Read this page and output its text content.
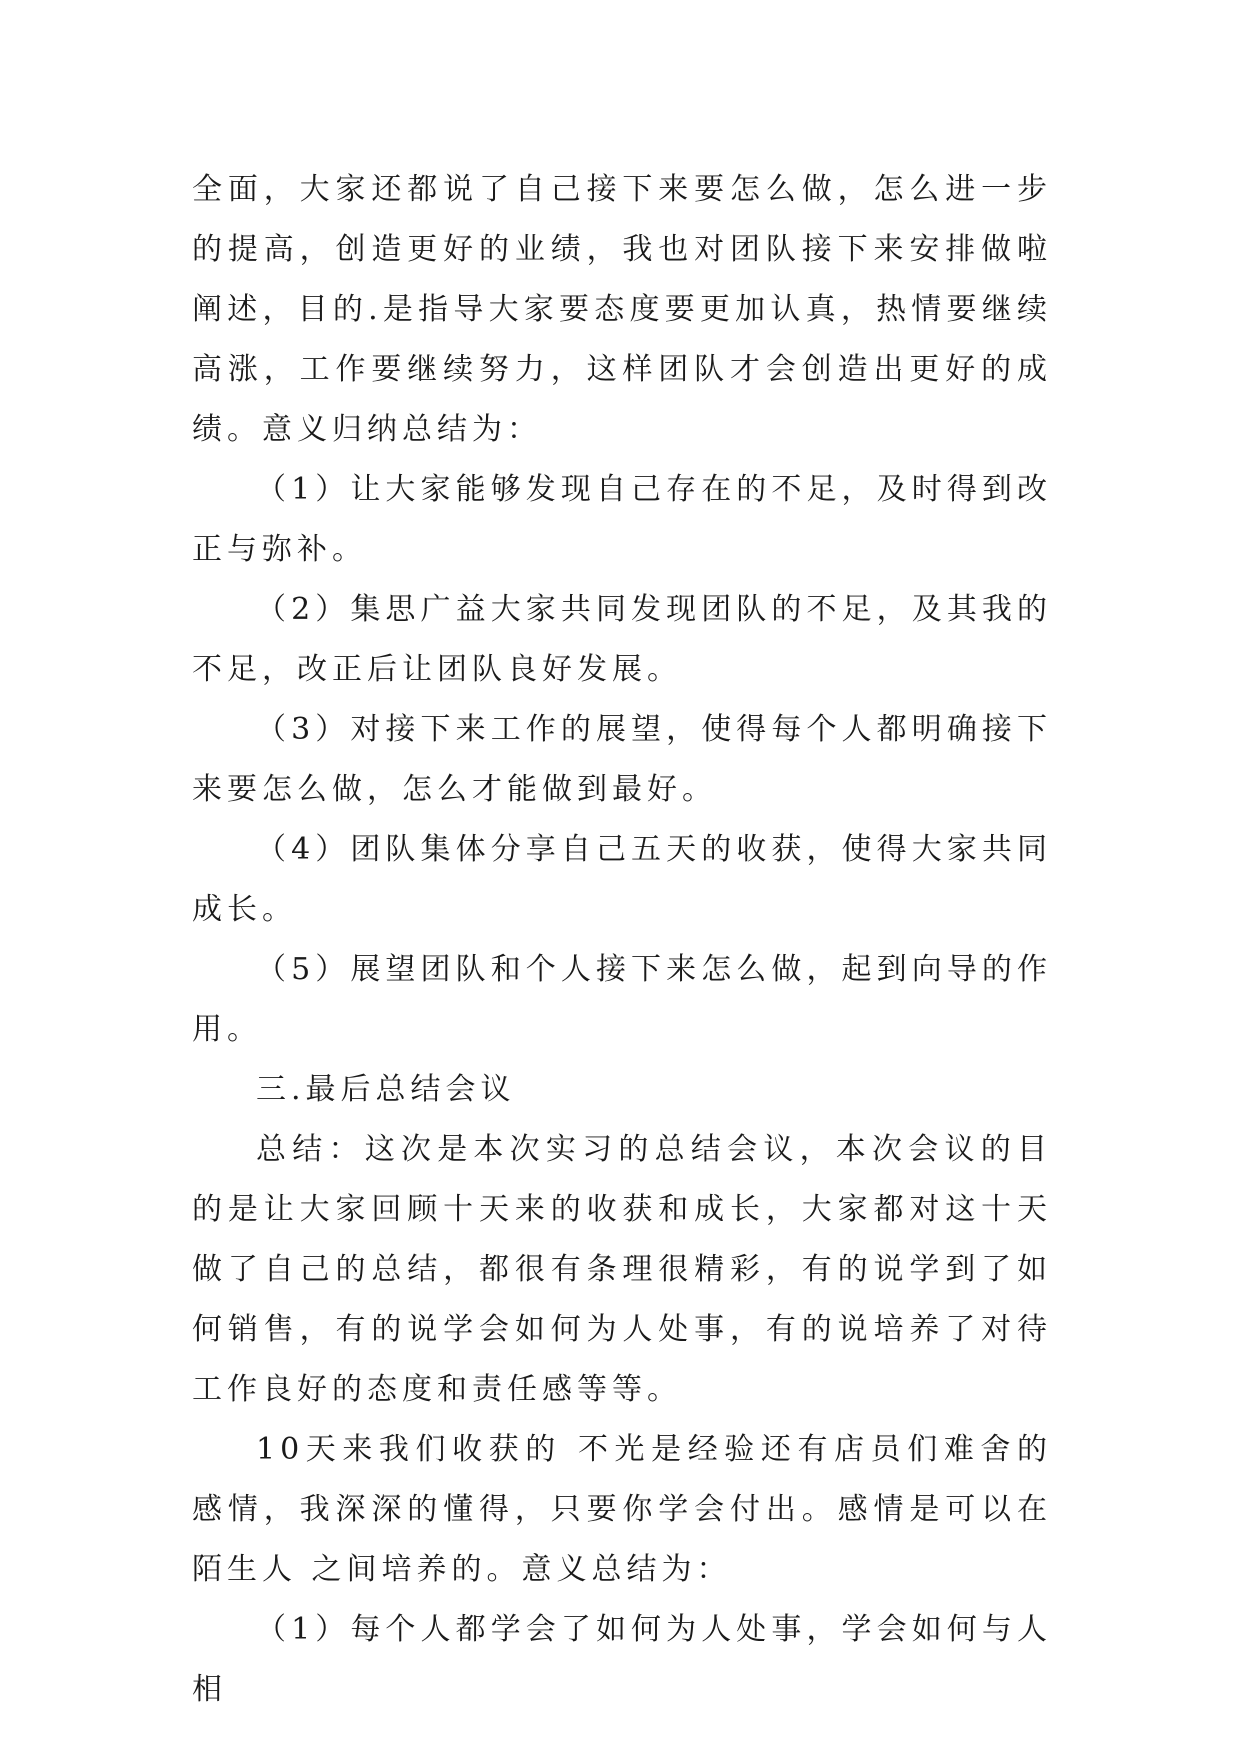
全面，大家还都说了自己接下来要怎么做，怎么进一步的提高，创造更好的业绩，我也对团队接下来安排做啦阐述，目的.是指导大家要态度要更加认真，热情要继续高涨，工作要继续努力，这样团队才会创造出更好的成绩。意义归纳总结为：

（1）让大家能够发现自己存在的不足，及时得到改正与弥补。

（2）集思广益大家共同发现团队的不足，及其我的不足，改正后让团队良好发展。

（3）对接下来工作的展望，使得每个人都明确接下来要怎么做，怎么才能做到最好。

（4）团队集体分享自己五天的收获，使得大家共同成长。

（5）展望团队和个人接下来怎么做，起到向导的作用。

三.最后总结会议

总结：这次是本次实习的总结会议，本次会议的目的是让大家回顾十天来的收获和成长，大家都对这十天做了自己的总结，都很有条理很精彩，有的说学到了如何销售，有的说学会如何为人处事，有的说培养了对待工作良好的态度和责任感等等。

10天来我们收获的 不光是经验还有店员们难舍的感情，我深深的懂得，只要你学会付出。感情是可以在陌生人 之间培养的。意义总结为：

（1）每个人都学会了如何为人处事，学会如何与人相
